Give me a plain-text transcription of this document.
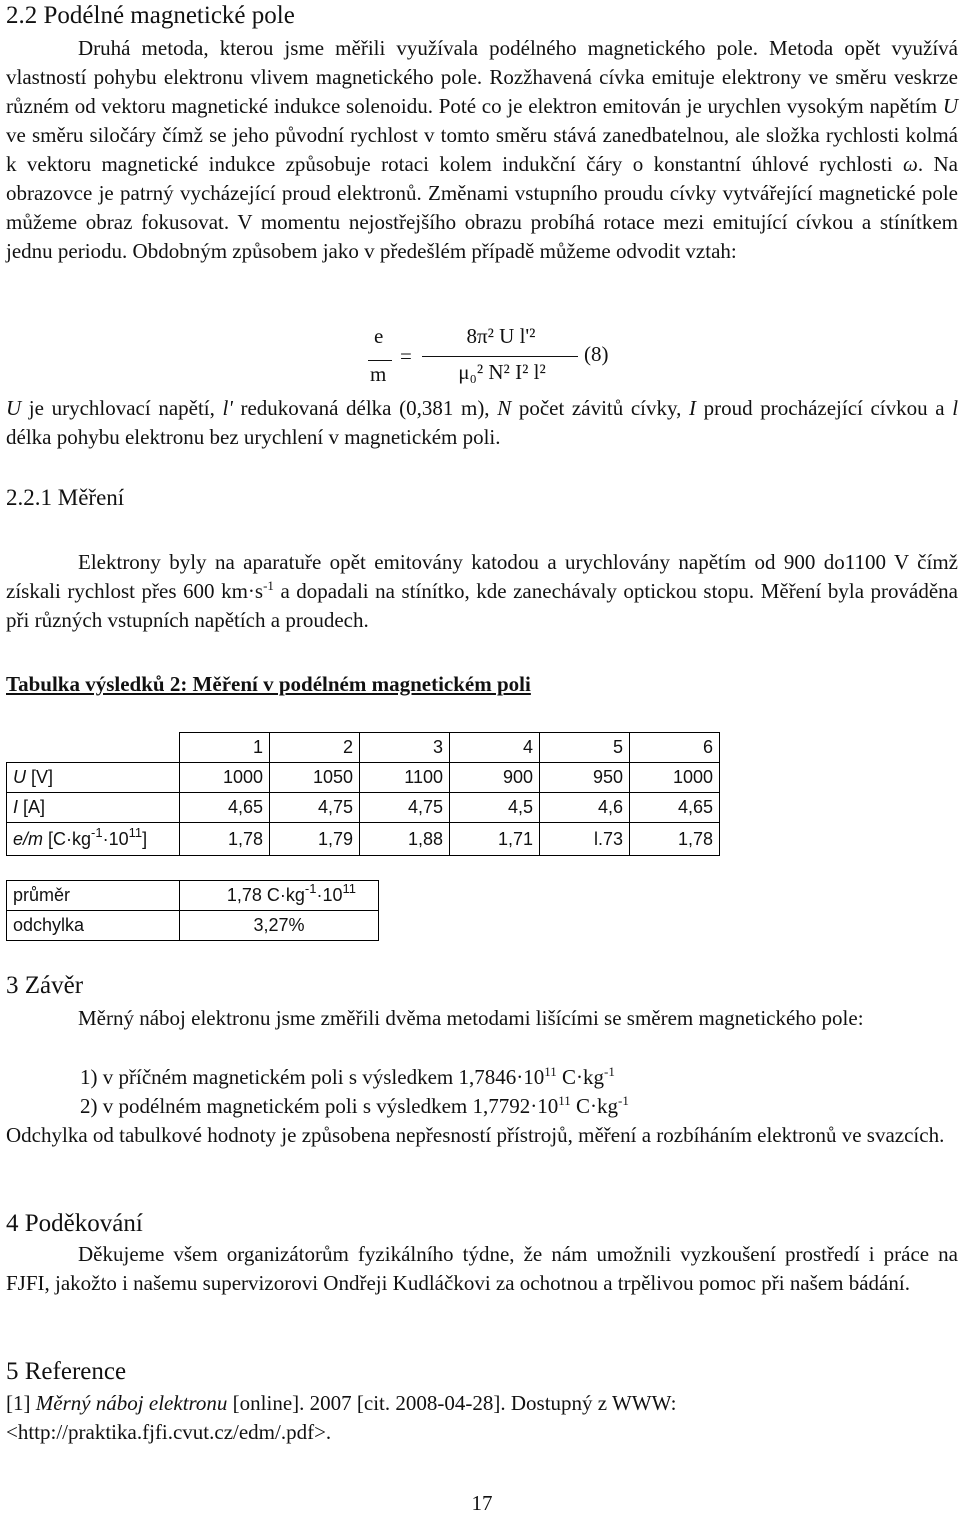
2.2 Podélné magnetické pole

Druhá metoda, kterou jsme měřili využívala podélného magnetického pole. Metoda opět využívá vlastností pohybu elektronu vlivem magnetického pole. Rozžhavená cívka emituje elektrony ve směru veskrze různém od vektoru magnetické indukce solenoidu. Poté co je elektron emitován je urychlen vysokým napětím U ve směru siločáry čímž se jeho původní rychlost v tomto směru stává zanedbatelnou, ale složka rychlosti kolmá k vektoru magnetické indukce způsobuje rotaci kolem indukční čáry o konstantní úhlové rychlosti ω. Na obrazovce je patrný vycházející proud elektronů. Změnami vstupního proudu cívky vytvářející magnetické pole můžeme obraz fokusovat. V momentu nejostřejšího obrazu probíhá rotace mezi emitující cívkou a stínítkem jednu periodu. Obdobným způsobem jako v předešlém případě můžeme odvodit vztah:

e
m
=
8π² U l'²
μ₀² N² I² l²
(8)

U je urychlovací napětí, l' redukovaná délka (0,381 m), N počet závitů cívky, I proud procházející cívkou a l délka pohybu elektronu bez urychlení v magnetickém poli.

2.2.1 Měření

Elektrony byly na aparatuře opět emitovány katodou a urychlovány napětím od 900 do1100 V čímž získali rychlost přes 600 $km\cdot s^{-1}$ a dopadali na stínítko, kde zanechávaly optickou stopu. Měření byla prováděna při různých vstupních napětích a proudech.

Tabulka výsledků 2: Měření v podélném magnetickém poli
	1	2	3	4	5	6
U [V]	1000	1050	1100	900	950	1000
I [A]	4,65	4,75	4,75	4,5	4,6	4,65
e/m $[C\cdot kg^{-1}\cdot 10^{11}]$	1,78	1,79	1,88	1,71	l.73	1,78
průměr	1,78 $C\cdot kg^{-1}\cdot 10^{11}$
odchylka	3,27%
3 Závěr

Měrný náboj elektronu jsme změřili dvěma metodami lišícími se směrem magnetického pole:

1) v příčném magnetickém poli s výsledkem $1,7846\cdot 10^{11}$ $C\cdot kg^{-1}$
2) v podélném magnetickém poli s výsledkem $1,7792\cdot 10^{11}$ $C\cdot kg^{-1}$

Odchylka od tabulkové hodnoty je způsobena nepřesností přístrojů, měření a rozbíháním elektronů ve svazcích.

4 Poděkování

Děkujeme všem organizátorům fyzikálního týdne, že nám umožnili vyzkoušení prostředí i práce na FJFI, jakožto i našemu supervizorovi Ondřeji Kudláčkovi za ochotnou a trpělivou pomoc při našem bádání.

5 Reference

[1] Měrný náboj elektronu [online]. 2007 [cit. 2008-04-28]. Dostupný z WWW:
<http://praktika.fjfi.cvut.cz/edm/.pdf>.

17
